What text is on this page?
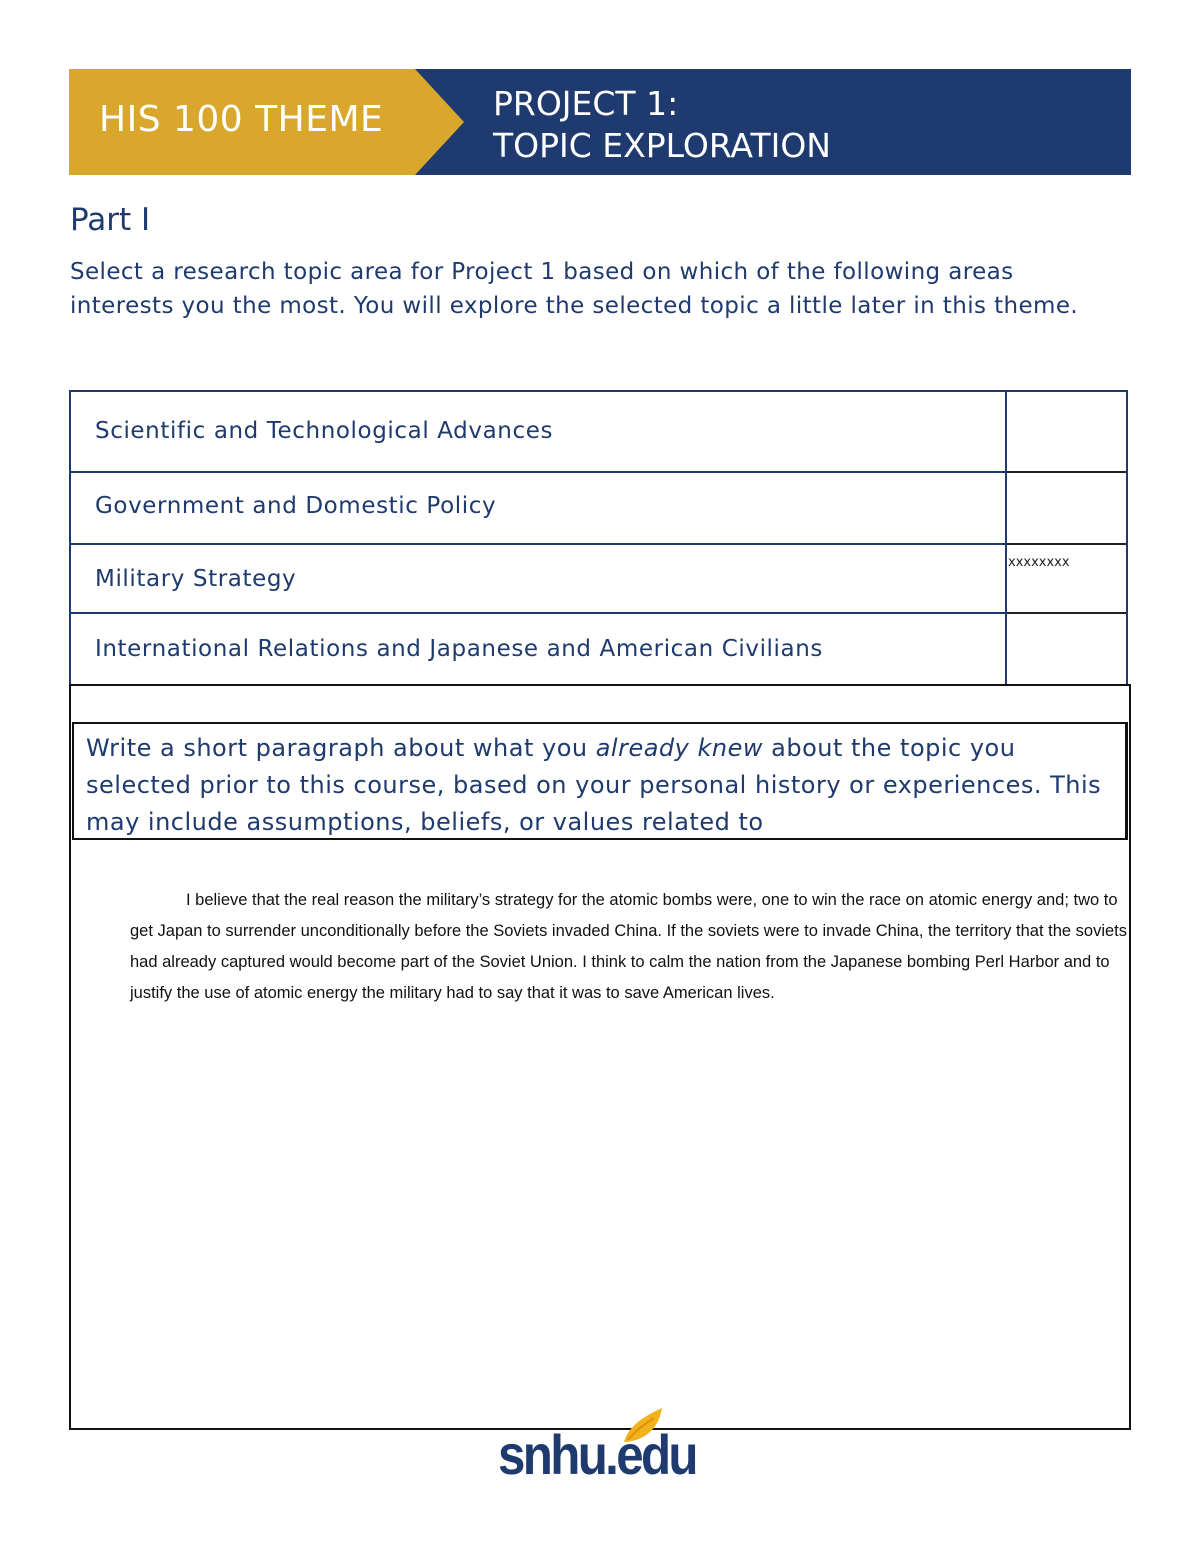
HIS 100 THEME	PROJECT 1:
TOPIC EXPLORATION
Part I
Select a research topic area for Project 1 based on which of the following areas interests you the most. You will explore the selected topic a little later in this theme.
Scientific and Technological Advances
Government and Domestic Policy
Military Strategy
xxxxxxxx
International Relations and Japanese and American Civilians
Write a short paragraph about what you already knew about the topic you selected prior to this course, based on your personal history or experiences. This may include assumptions, beliefs, or values related to
I believe that the real reason the military’s strategy for the atomic bombs were, one to win the race on atomic energy and; two to get Japan to surrender unconditionally before the Soviets invaded China. If the soviets were to invade China, the territory that the soviets had already captured would become part of the Soviet Union. I think to calm the nation from the Japanese bombing Perl Harbor and to justify the use of atomic energy the military had to say that it was to save American lives.
snhu.edu
